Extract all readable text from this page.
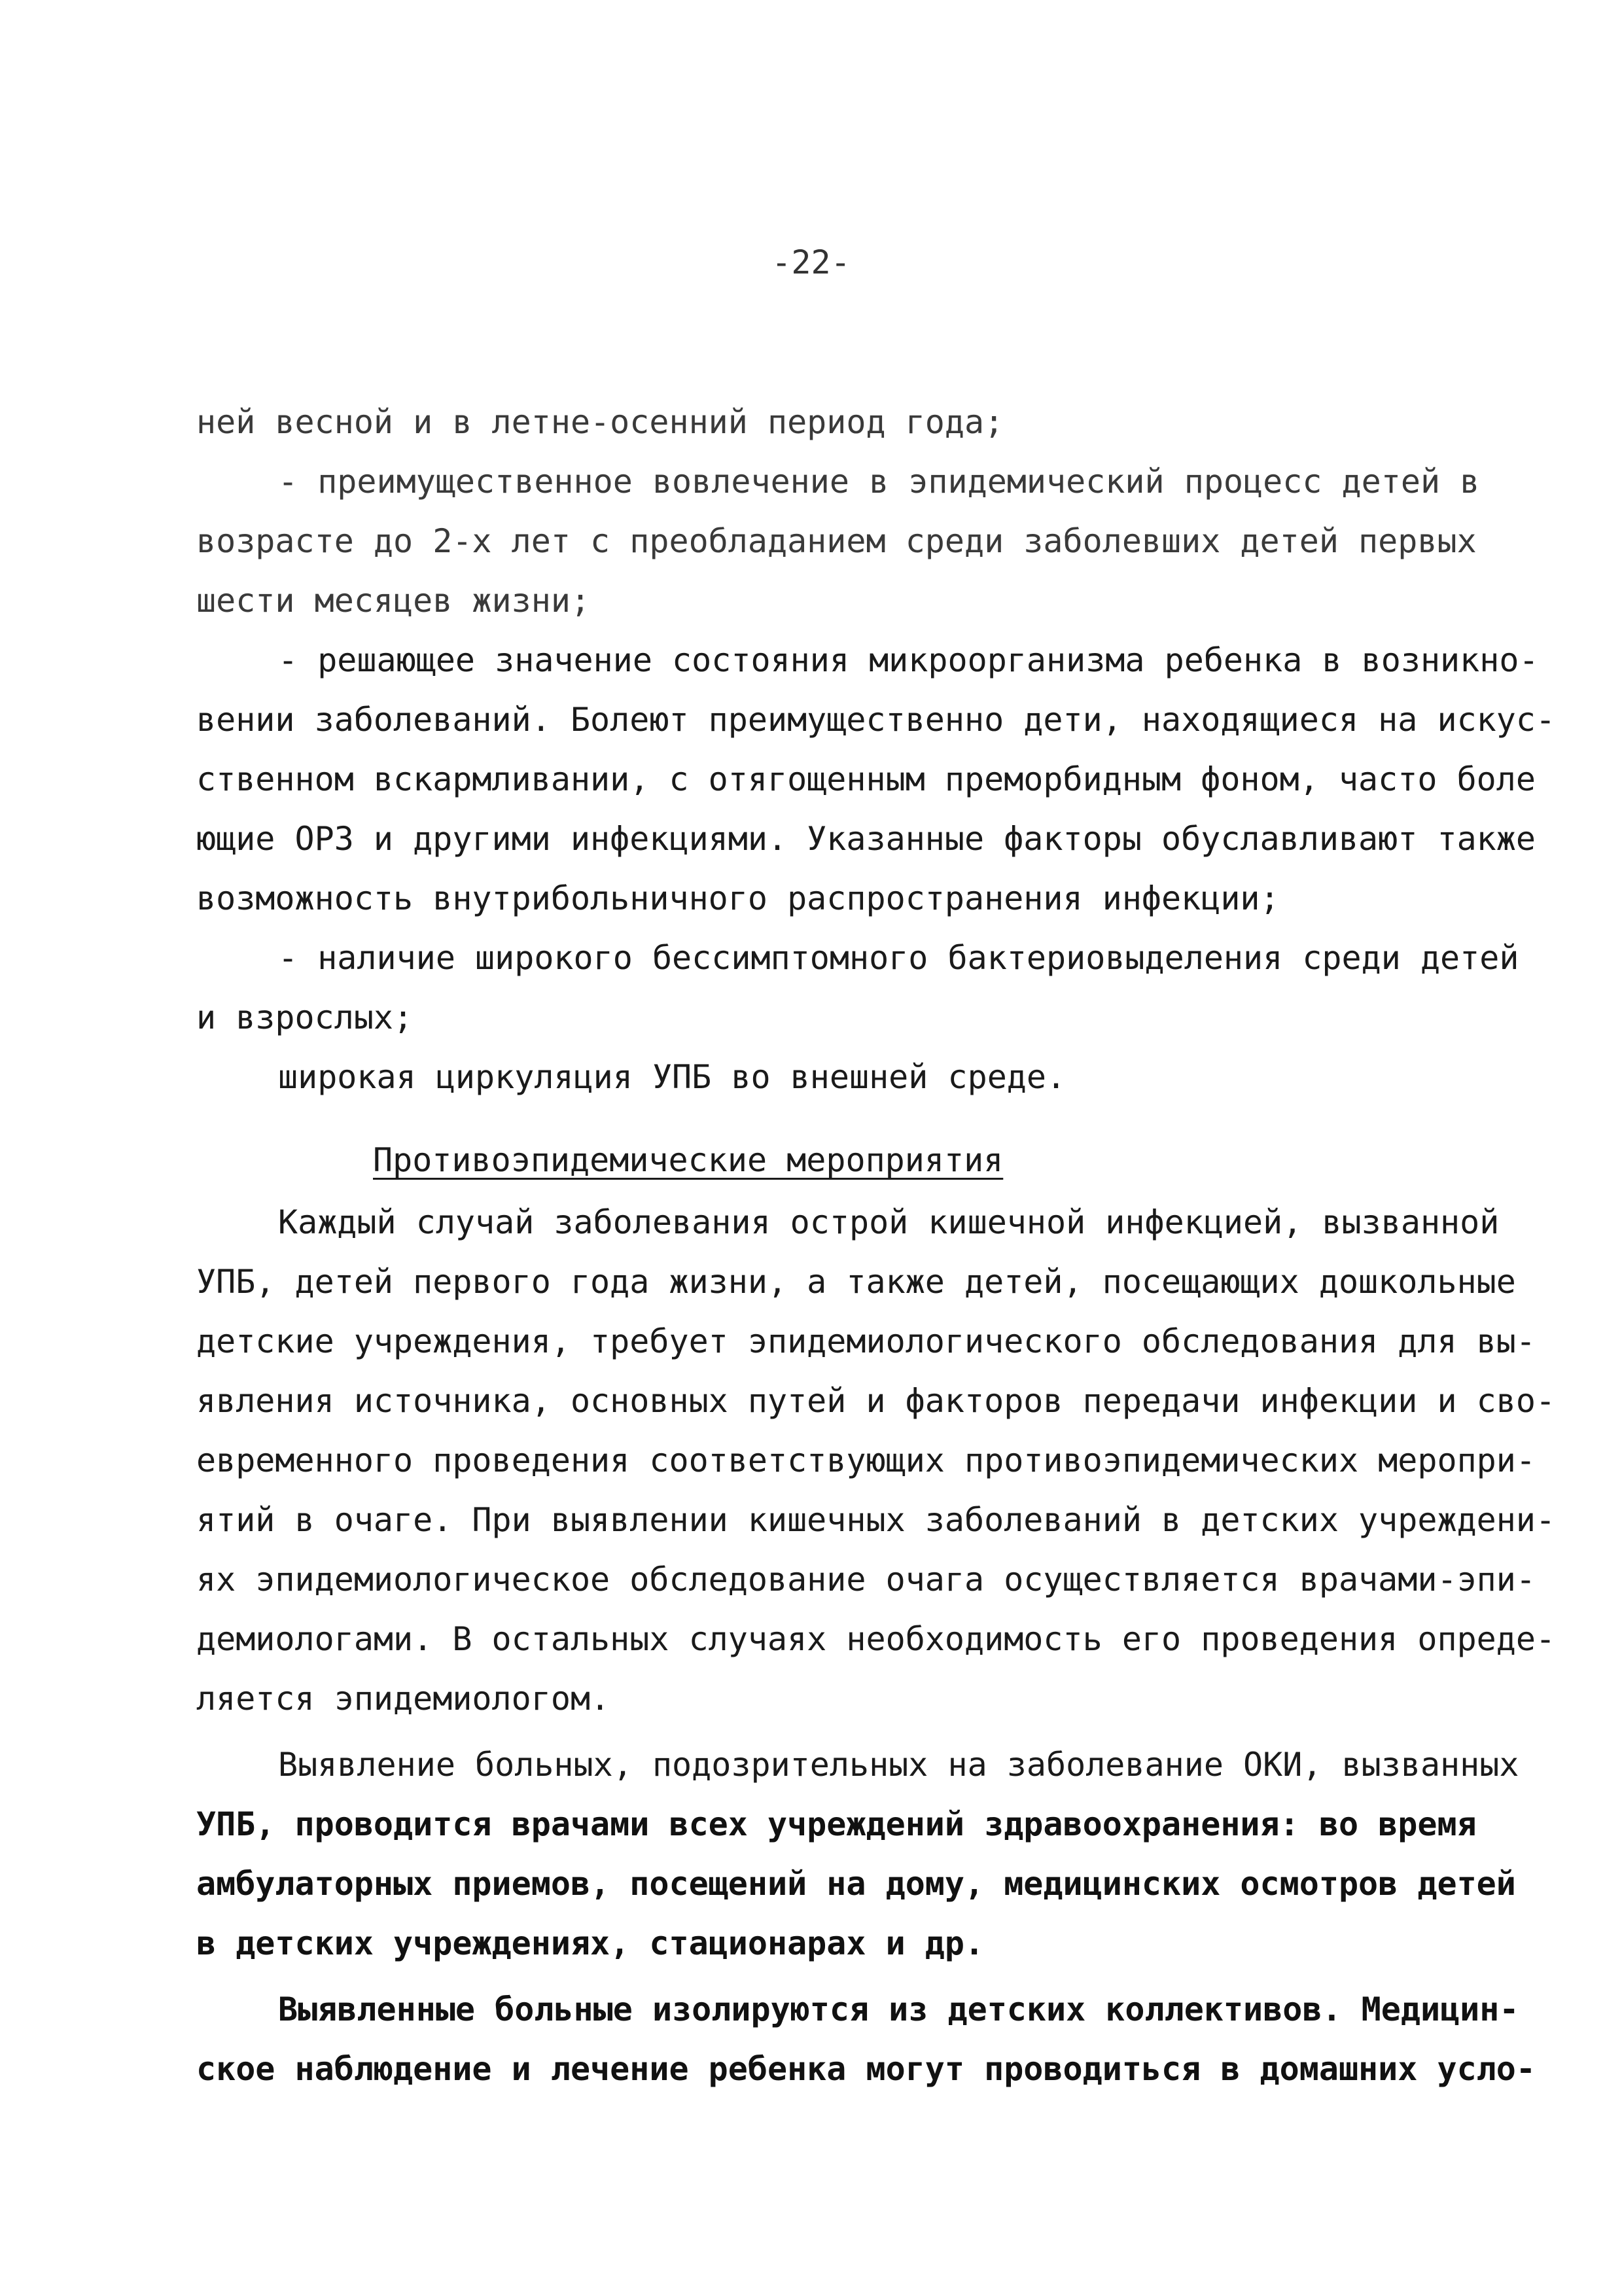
-22-

ней весной и в летне-осенний период года;

- преимущественное вовлечение в эпидемический процесс детей в
возрасте до 2-х лет с преобладанием среди заболевших детей первых
шести месяцев жизни;

- решающее значение состояния микроорганизма ребенка в возникно-
вении заболеваний. Болеют преимущественно дети, находящиеся на искус-
ственном вскармливании, с отягощенным преморбидным фоном, часто боле
ющие ОРЗ и другими инфекциями. Указанные факторы обуславливают также
возможность внутрибольничного распространения инфекции;

- наличие широкого бессимптомного бактериовыделения среди детей
и взрослых;

широкая циркуляция УПБ во внешней среде.

Противоэпидемические мероприятия

Каждый случай заболевания острой кишечной инфекцией, вызванной
УПБ, детей первого года жизни, а также детей, посещающих дошкольные
детские учреждения, требует эпидемиологического обследования для вы-
явления источника, основных путей и факторов передачи инфекции и сво-
евременного проведения соответствующих противоэпидемических меропри-
ятий в очаге. При выявлении кишечных заболеваний в детских учреждени-
ях эпидемиологическое обследование очага осуществляется врачами-эпи-
демиологами. В остальных случаях необходимость его проведения опреде-
ляется эпидемиологом.

Выявление больных, подозрительных на заболевание ОКИ, вызванных
УПБ, проводится врачами всех учреждений здравоохранения: во время
амбулаторных приемов, посещений на дому, медицинских осмотров детей
в детских учреждениях, стационарах и др.

Выявленные больные изолируются из детских коллективов. Медицин-
ское наблюдение и лечение ребенка могут проводиться в домашних усло-
